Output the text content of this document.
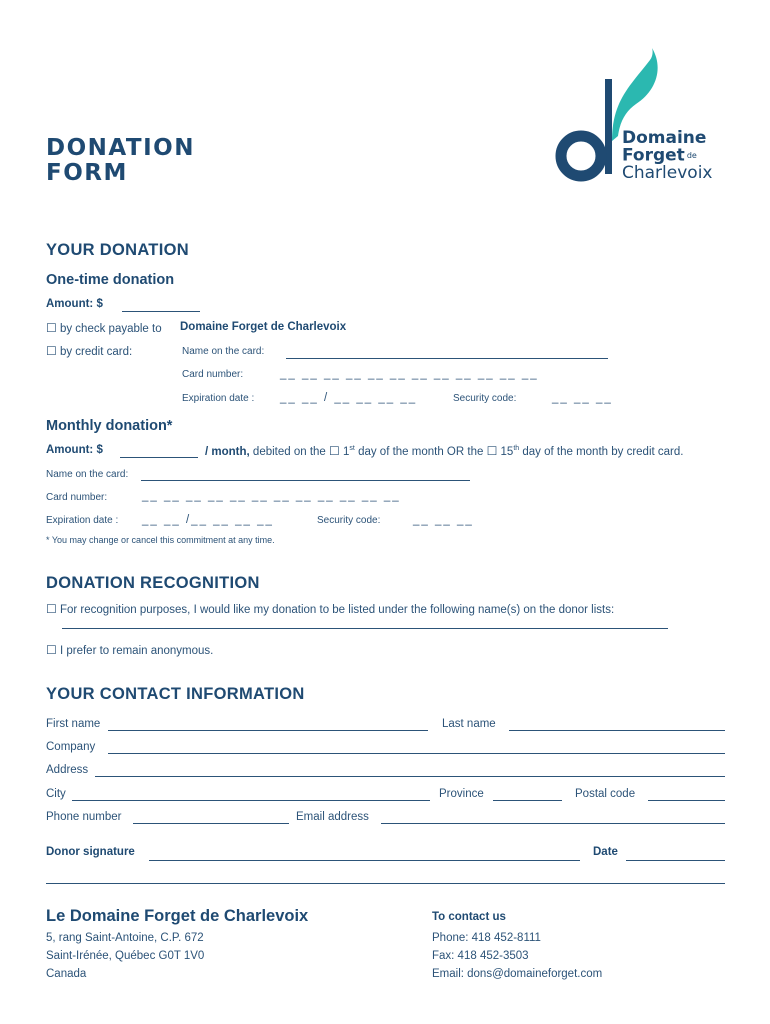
DONATION
FORM
Domaine
Forget de
Charlevoix
YOUR DONATION
One-time donation
Amount: $
☐ by check payable to Domaine Forget de Charlevoix
☐ by credit card:	Name on the card:
Card number:	__ __ __ __ __ __ __ __ __ __ __ __
Expiration date : __ __ / __ __ __ __	Security code:	__ __ __
Monthly donation*
Amount: $	/ month, debited on the ☐ 1st day of the month OR the ☐ 15th day of the month by credit card.
Name on the card:
Card number:	__ __ __ __ __ __ __ __ __ __ __ __
Expiration date : __ __ /__ __ __ __	Security code:	__ __ __
* You may change or cancel this commitment at any time.
DONATION RECOGNITION
☐ For recognition purposes, I would like my donation to be listed under the following name(s) on the donor lists:
☐ I prefer to remain anonymous.
YOUR CONTACT INFORMATION
First name	Last name
Company
Address
City	Province	Postal code
Phone number	Email address
Donor signature	Date
Le Domaine Forget de Charlevoix
5, rang Saint-Antoine, C.P. 672
Saint-Irénée, Québec G0T 1V0
Canada
To contact us
Phone: 418 452-8111
Fax: 418 452-3503
Email: dons@domaineforget.com
